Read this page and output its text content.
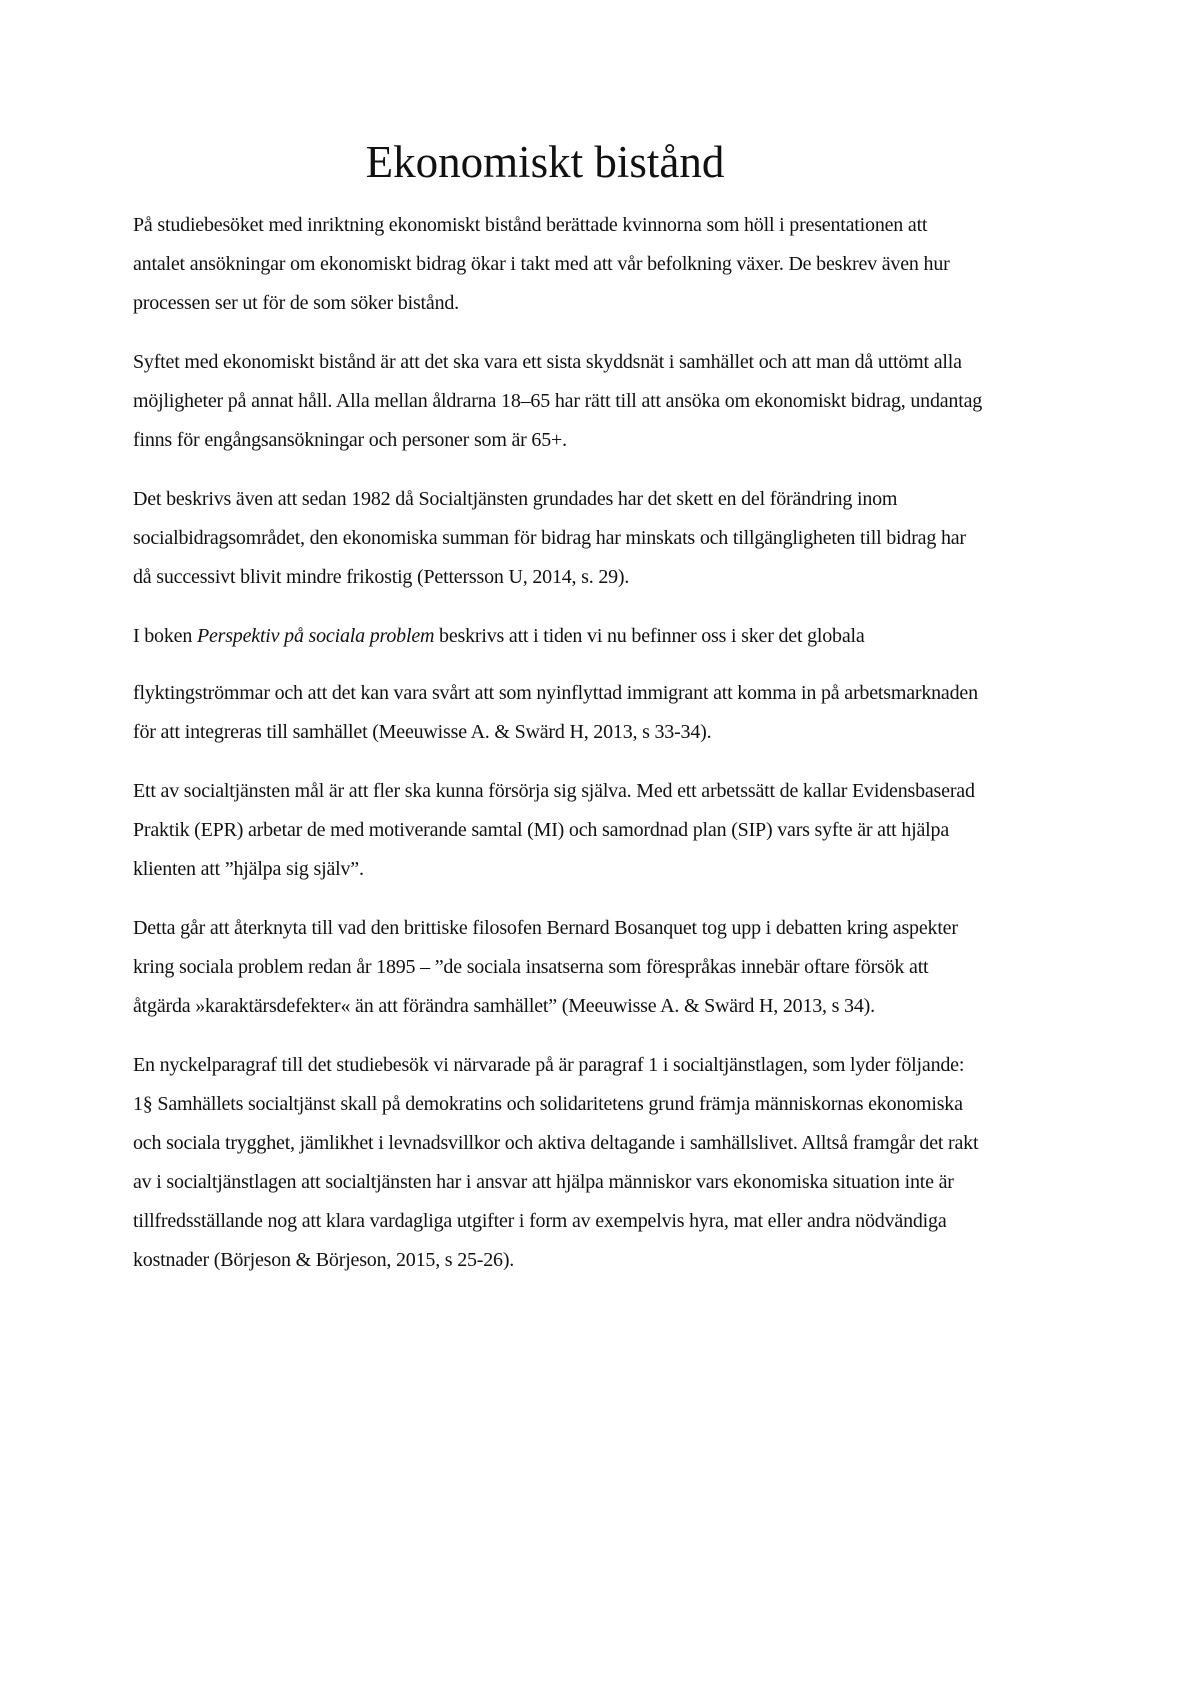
Ekonomiskt bistånd

På studiebesöket med inriktning ekonomiskt bistånd berättade kvinnorna som höll i presentationen att antalet ansökningar om ekonomiskt bidrag ökar i takt med att vår befolkning växer. De beskrev även hur processen ser ut för de som söker bistånd.

Syftet med ekonomiskt bistånd är att det ska vara ett sista skyddsnät i samhället och att man då uttömt alla möjligheter på annat håll. Alla mellan åldrarna 18–65 har rätt till att ansöka om ekonomiskt bidrag, undantag finns för engångsansökningar och personer som är 65+.

Det beskrivs även att sedan 1982 då Socialtjänsten grundades har det skett en del förändring inom socialbidragsområdet, den ekonomiska summan för bidrag har minskats och tillgängligheten till bidrag har då successivt blivit mindre frikostig (Pettersson U, 2014, s. 29).

I boken Perspektiv på sociala problem beskrivs att i tiden vi nu befinner oss i sker det globala

flyktingströmmar och att det kan vara svårt att som nyinflyttad immigrant att komma in på arbetsmarknaden för att integreras till samhället (Meeuwisse A. & Swärd H, 2013, s 33-34).

Ett av socialtjänsten mål är att fler ska kunna försörja sig själva. Med ett arbetssätt de kallar Evidensbaserad Praktik (EPR) arbetar de med motiverande samtal (MI) och samordnad plan (SIP) vars syfte är att hjälpa klienten att ”hjälpa sig själv”.

Detta går att återknyta till vad den brittiske filosofen Bernard Bosanquet tog upp i debatten kring aspekter kring sociala problem redan år 1895 – ”de sociala insatserna som förespråkas innebär oftare försök att åtgärda »karaktärsdefekter« än att förändra samhället” (Meeuwisse A. & Swärd H, 2013, s 34).

En nyckelparagraf till det studiebesök vi närvarade på är paragraf 1 i socialtjänstlagen, som lyder följande: 1§ Samhällets socialtjänst skall på demokratins och solidaritetens grund främja människornas ekonomiska och sociala trygghet, jämlikhet i levnadsvillkor och aktiva deltagande i samhällslivet. Alltså framgår det rakt av i socialtjänstlagen att socialtjänsten har i ansvar att hjälpa människor vars ekonomiska situation inte är tillfredsställande nog att klara vardagliga utgifter i form av exempelvis hyra, mat eller andra nödvändiga kostnader (Börjeson & Börjeson, 2015, s 25-26).
